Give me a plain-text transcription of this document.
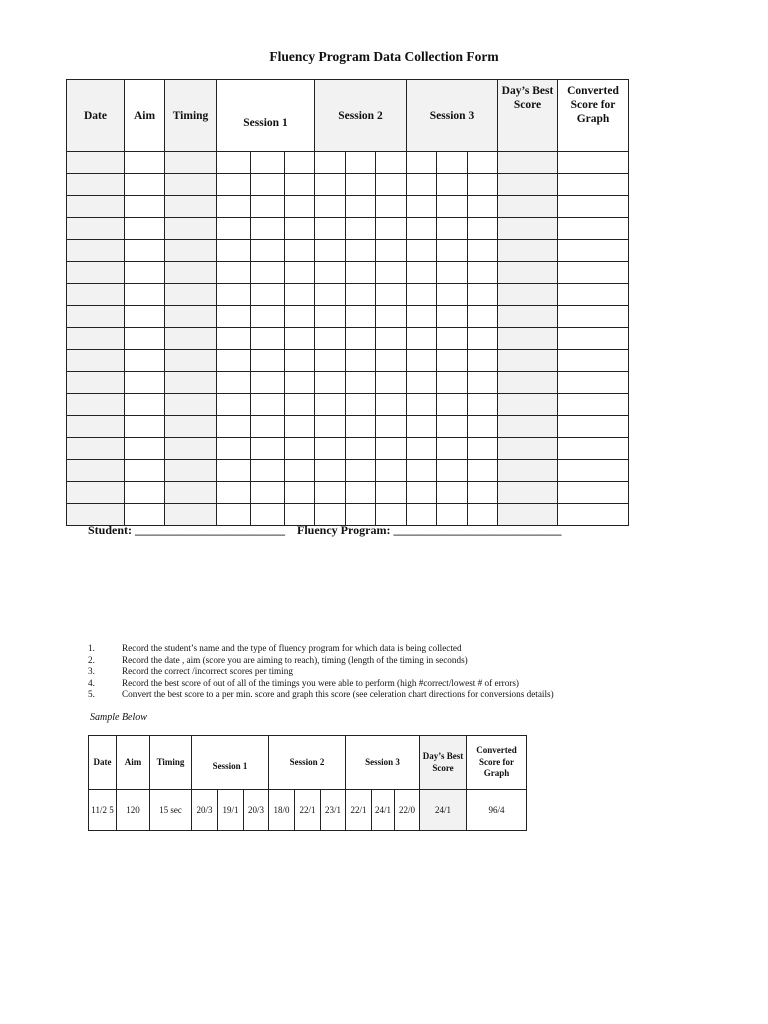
Fluency Program Data Collection Form
Date	Aim	Timing	Session 1			Session 2			Session 3			Day’s Best Score	Converted Score for Graph

Student: _________________________ Fluency Program: ____________________________
1.	Record the student’s name and the type of fluency program for which data is being collected
2.	Record the date , aim (score you are aiming to reach), timing (length of the timing in seconds)
3.	Record the correct /incorrect scores per timing
4.	Record the best score of out of all of the timings you were able to perform (high #correct/lowest # of errors)
5.	Convert the best score to a per min. score and graph this score (see celeration chart directions for conversions details)
Sample Below
Date	Aim	Timing	Session 1			Session 2			Session 3			Day’s Best Score	Converted Score for Graph
11/2 5	120	15 sec	20/3	19/1	20/3	18/0	22/1	23/1	22/1	24/1	22/0	24/1	96/4
